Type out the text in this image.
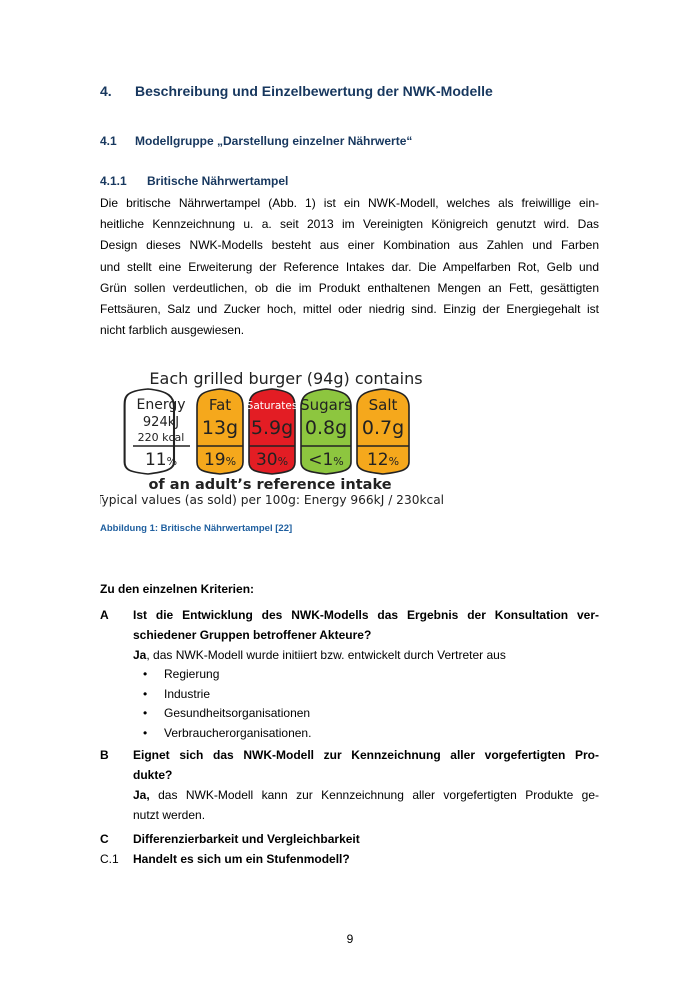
4.	Beschreibung und Einzelbewertung der NWK-Modelle
4.1	Modellgruppe „Darstellung einzelner Nährwerte“
4.1.1	Britische Nährwertampel
Die britische Nährwertampel (Abb. 1) ist ein NWK-Modell, welches als freiwillige ein-
heitliche Kennzeichnung u. a. seit 2013 im Vereinigten Königreich genutzt wird. Das
Design dieses NWK-Modells besteht aus einer Kombination aus Zahlen und Farben
und stellt eine Erweiterung der Reference Intakes dar. Die Ampelfarben Rot, Gelb und
Grün sollen verdeutlichen, ob die im Produkt enthaltenen Mengen an Fett, gesättigten
Fettsäuren, Salz und Zucker hoch, mittel oder niedrig sind. Einzig der Energiegehalt ist
nicht farblich ausgewiesen.
Each grilled burger (94g) contains
Energy
924kJ
220 kcal
11%
Fat
13g
19%
Saturates
5.9g
30%
Sugars
0.8g
<1%
Salt
0.7g
12%
of an adult’s reference intake
Typical values (as sold) per 100g: Energy 966kJ / 230kcal
Abbildung 1: Britische Nährwertampel [22]
Zu den einzelnen Kriterien:
A	Ist die Entwicklung des NWK-Modells das Ergebnis der Konsultation ver-
schiedener Gruppen betroffener Akteure?
Ja, das NWK-Modell wurde initiiert bzw. entwickelt durch Vertreter aus
• Regierung
• Industrie
• Gesundheitsorganisationen
• Verbraucherorganisationen.
B	Eignet sich das NWK-Modell zur Kennzeichnung aller vorgefertigten Pro-
dukte?
Ja, das NWK-Modell kann zur Kennzeichnung aller vorgefertigten Produkte ge-
nutzt werden.
C	Differenzierbarkeit und Vergleichbarkeit
C.1	Handelt es sich um ein Stufenmodell?
9
